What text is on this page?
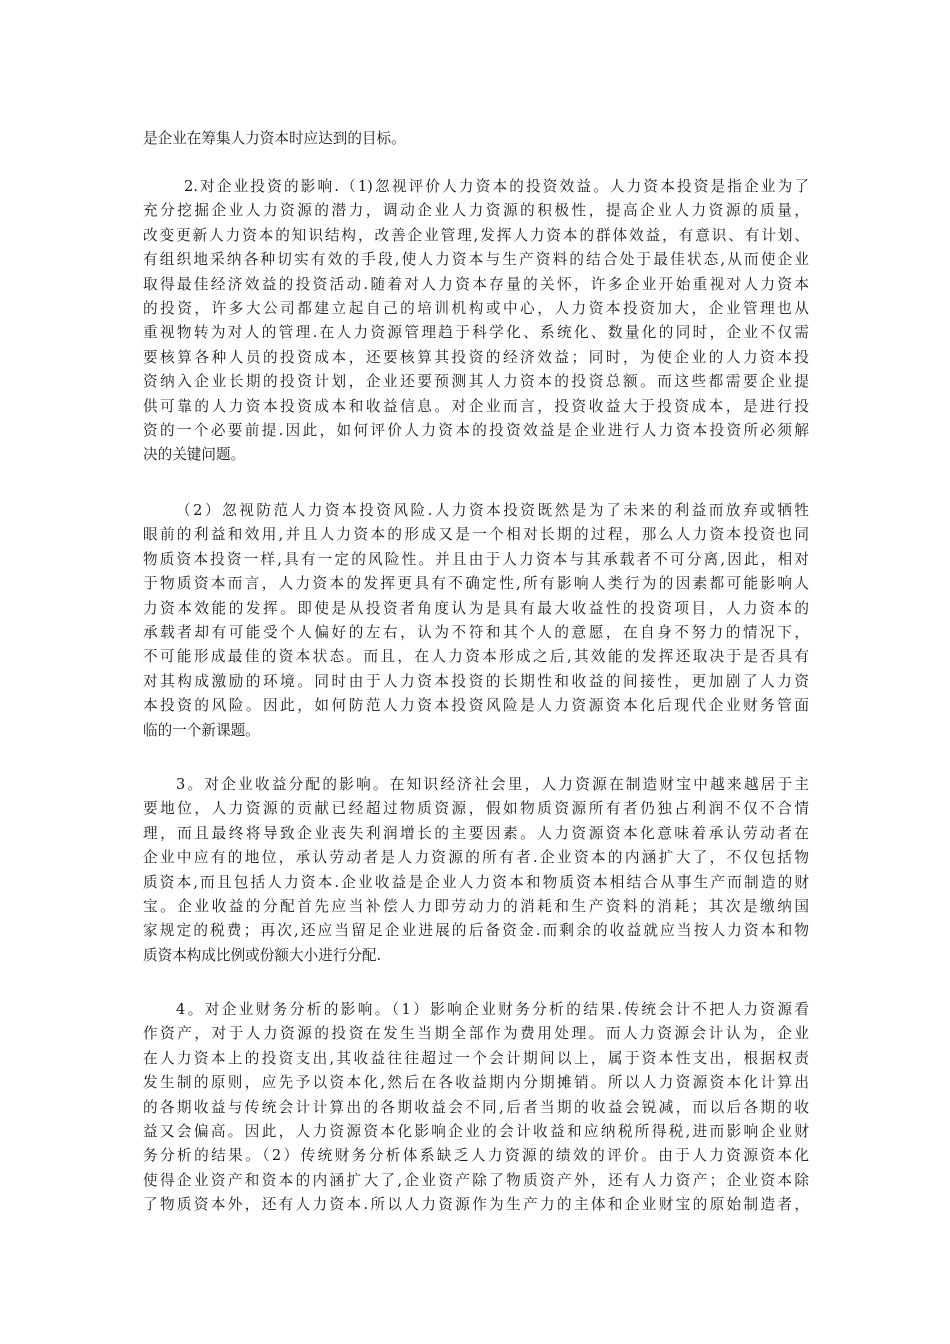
是企业在筹集人力资本时应达到的目标。
2.对企业投资的影响.（1)忽视评价人力资本的投资效益。人力资本投资是指企业为了
充分挖掘企业人力资源的潜力，调动企业人力资源的积极性，提高企业人力资源的质量，
改变更新人力资本的知识结构，改善企业管理,发挥人力资本的群体效益，有意识、有计划、
有组织地采纳各种切实有效的手段,使人力资本与生产资料的结合处于最佳状态,从而使企业
取得最佳经济效益的投资活动.随着对人力资本存量的关怀，许多企业开始重视对人力资本
的投资，许多大公司都建立起自己的培训机构或中心，人力资本投资加大，企业管理也从
重视物转为对人的管理.在人力资源管理趋于科学化、系统化、数量化的同时，企业不仅需
要核算各种人员的投资成本，还要核算其投资的经济效益；同时，为使企业的人力资本投
资纳入企业长期的投资计划，企业还要预测其人力资本的投资总额。而这些都需要企业提
供可靠的人力资本投资成本和收益信息。对企业而言，投资收益大于投资成本，是进行投
资的一个必要前提.因此，如何评价人力资本的投资效益是企业进行人力资本投资所必须解
决的关键问题。
（2）忽视防范人力资本投资风险.人力资本投资既然是为了未来的利益而放弃或牺牲
眼前的利益和效用,并且人力资本的形成又是一个相对长期的过程，那么人力资本投资也同
物质资本投资一样,具有一定的风险性。并且由于人力资本与其承载者不可分离,因此，相对
于物质资本而言，人力资本的发挥更具有不确定性,所有影响人类行为的因素都可能影响人
力资本效能的发挥。即使是从投资者角度认为是具有最大收益性的投资项目，人力资本的
承载者却有可能受个人偏好的左右，认为不符和其个人的意愿，在自身不努力的情况下，
不可能形成最佳的资本状态。而且，在人力资本形成之后,其效能的发挥还取决于是否具有
对其构成激励的环境。同时由于人力资本投资的长期性和收益的间接性，更加剧了人力资
本投资的风险。因此，如何防范人力资本投资风险是人力资源资本化后现代企业财务管面
临的一个新课题。
3。对企业收益分配的影响。在知识经济社会里，人力资源在制造财宝中越来越居于主
要地位，人力资源的贡献已经超过物质资源，假如物质资源所有者仍独占利润不仅不合情
理，而且最终将导致企业丧失利润增长的主要因素。人力资源资本化意味着承认劳动者在
企业中应有的地位，承认劳动者是人力资源的所有者.企业资本的内涵扩大了，不仅包括物
质资本,而且包括人力资本.企业收益是企业人力资本和物质资本相结合从事生产而制造的财
宝。企业收益的分配首先应当补偿人力即劳动力的消耗和生产资料的消耗；其次是缴纳国
家规定的税费；再次,还应当留足企业进展的后备资金.而剩余的收益就应当按人力资本和物
质资本构成比例或份额大小进行分配.
4。对企业财务分析的影响。（1）影响企业财务分析的结果.传统会计不把人力资源看
作资产，对于人力资源的投资在发生当期全部作为费用处理。而人力资源会计认为，企业
在人力资本上的投资支出,其收益往往超过一个会计期间以上，属于资本性支出，根据权责
发生制的原则，应先予以资本化,然后在各收益期内分期摊销。所以人力资源资本化计算出
的各期收益与传统会计计算出的各期收益会不同,后者当期的收益会锐减，而以后各期的收
益又会偏高。因此，人力资源资本化影响企业的会计收益和应纳税所得税,进而影响企业财
务分析的结果。（2）传统财务分析体系缺乏人力资源的绩效的评价。由于人力资源资本化
使得企业资产和资本的内涵扩大了,企业资产除了物质资产外，还有人力资产；企业资本除
了物质资本外，还有人力资本.所以人力资源作为生产力的主体和企业财宝的原始制造者，
